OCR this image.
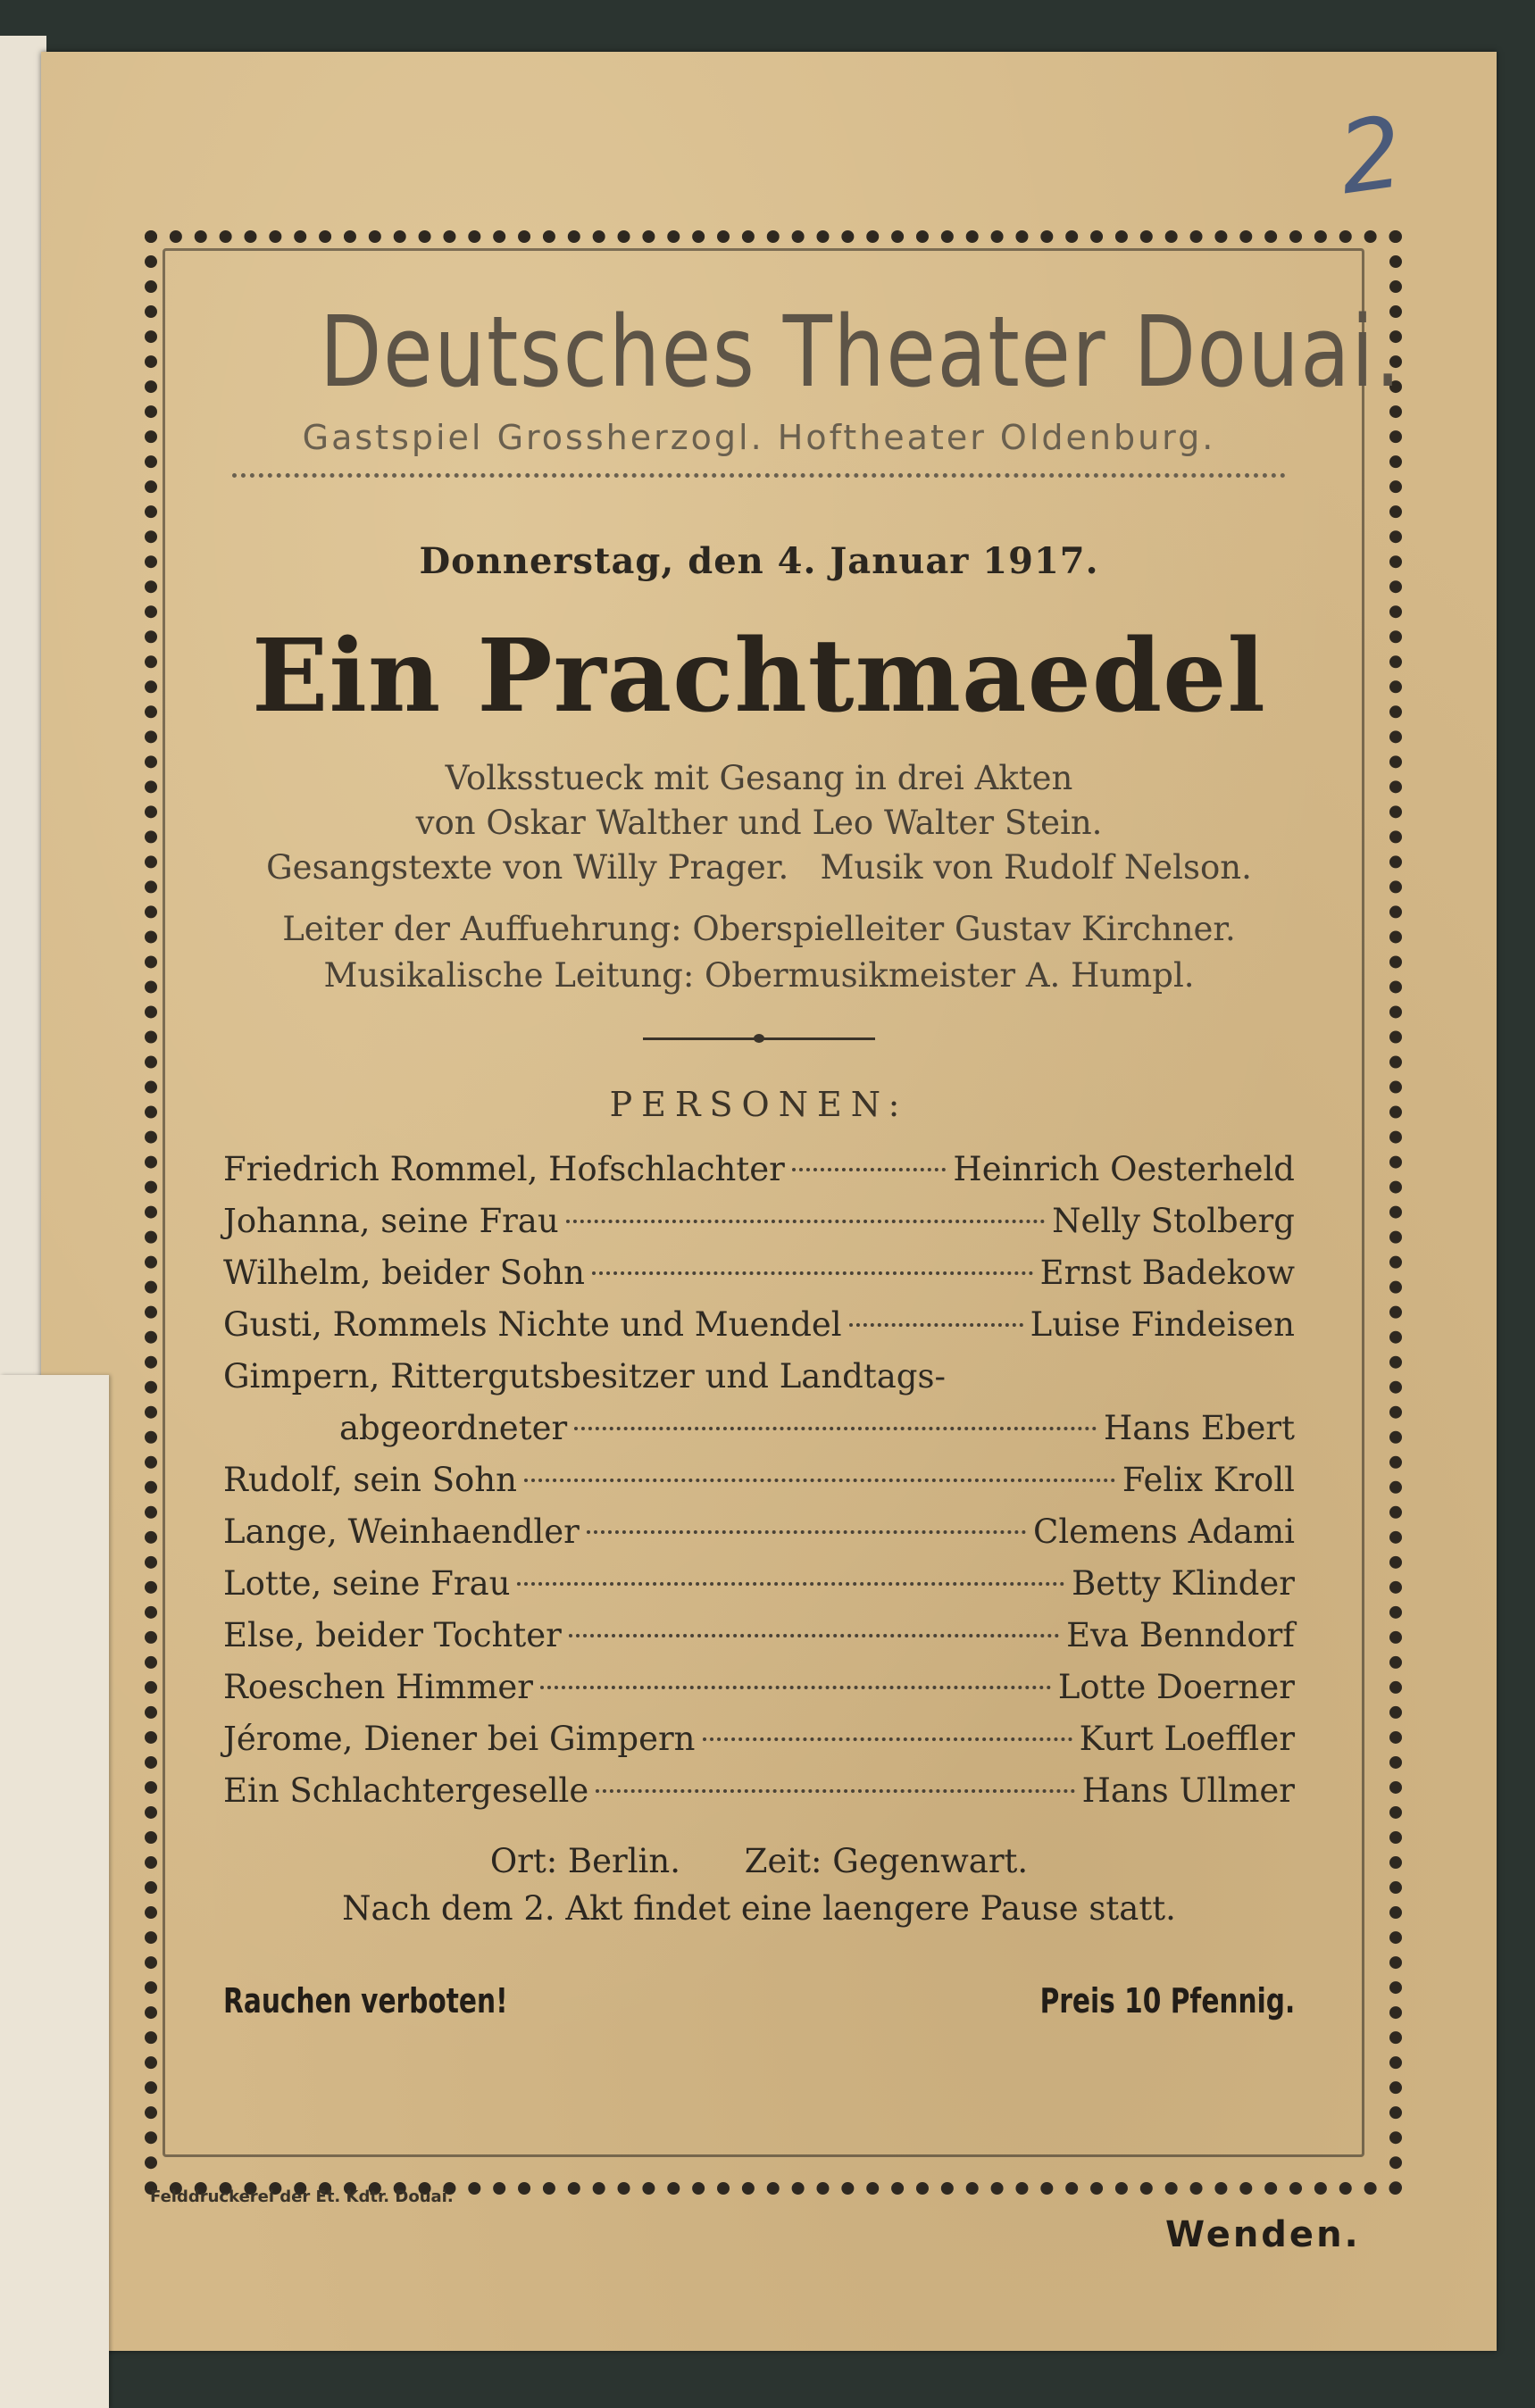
2
Deutsches Theater Douai.
Gastspiel Grossherzogl. Hoftheater Oldenburg.
Donnerstag, den 4. Januar 1917.
Ein Prachtmaedel
Volksstueck mit Gesang in drei Akten
von Oskar Walther und Leo Walter Stein.
Gesangstexte von Willy Prager.   Musik von Rudolf Nelson.
Leiter der Auffuehrung: Oberspielleiter Gustav Kirchner.
Musikalische Leitung: Obermusikmeister A. Humpl.
PERSONEN:
Friedrich Rommel, Hofschlachter	Heinrich Oesterheld
Johanna, seine Frau	Nelly Stolberg
Wilhelm, beider Sohn	Ernst Badekow
Gusti, Rommels Nichte und Muendel	Luise Findeisen
Gimpern, Rittergutsbesitzer und Landtags-
abgeordneter	Hans Ebert
Rudolf, sein Sohn	Felix Kroll
Lange, Weinhaendler	Clemens Adami
Lotte, seine Frau	Betty Klinder
Else, beider Tochter	Eva Benndorf
Roeschen Himmer	Lotte Doerner
Jérome, Diener bei Gimpern	Kurt Loeffler
Ein Schlachtergeselle	Hans Ullmer
Ort: Berlin. Zeit: Gegenwart.
Nach dem 2. Akt findet eine laengere Pause statt.
Rauchen verboten!	Preis 10 Pfennig.
Felddruckerei der Et. Kdtr. Douai.
Wenden.
